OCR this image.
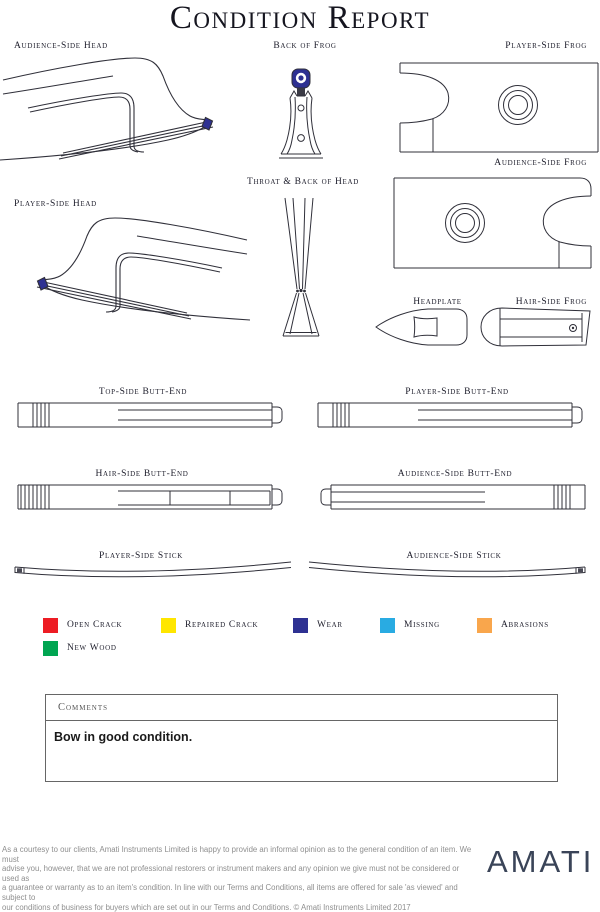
Condition Report
Audience-Side Head	Back of Frog	Player-Side Frog
Audience-Side Frog
Player-Side Head
Throat & Back of Head
Headplate	Hair-Side Frog
Top-Side Butt-End	Player-Side Butt-End
Hair-Side Butt-End	Audience-Side Butt-End
Player-Side Stick	Audience-Side Stick
Open Crack	Repaired Crack	Wear	Missing	Abrasions
New Wood
Comments
Bow in good condition.
As a courtesy to our clients, Amati Instruments Limited is happy to provide an informal opinion as to the general condition of an item. We must
advise you, however, that we are not professional restorers or instrument makers and any opinion we give must not be considered or used as
a guarantee or warranty as to an item's condition. In line with our Terms and Conditions, all items are offered for sale 'as viewed' and subject to
our conditions of business for buyers which are set out in our Terms and Conditions. © Amati Instruments Limited 2017
AMATI
